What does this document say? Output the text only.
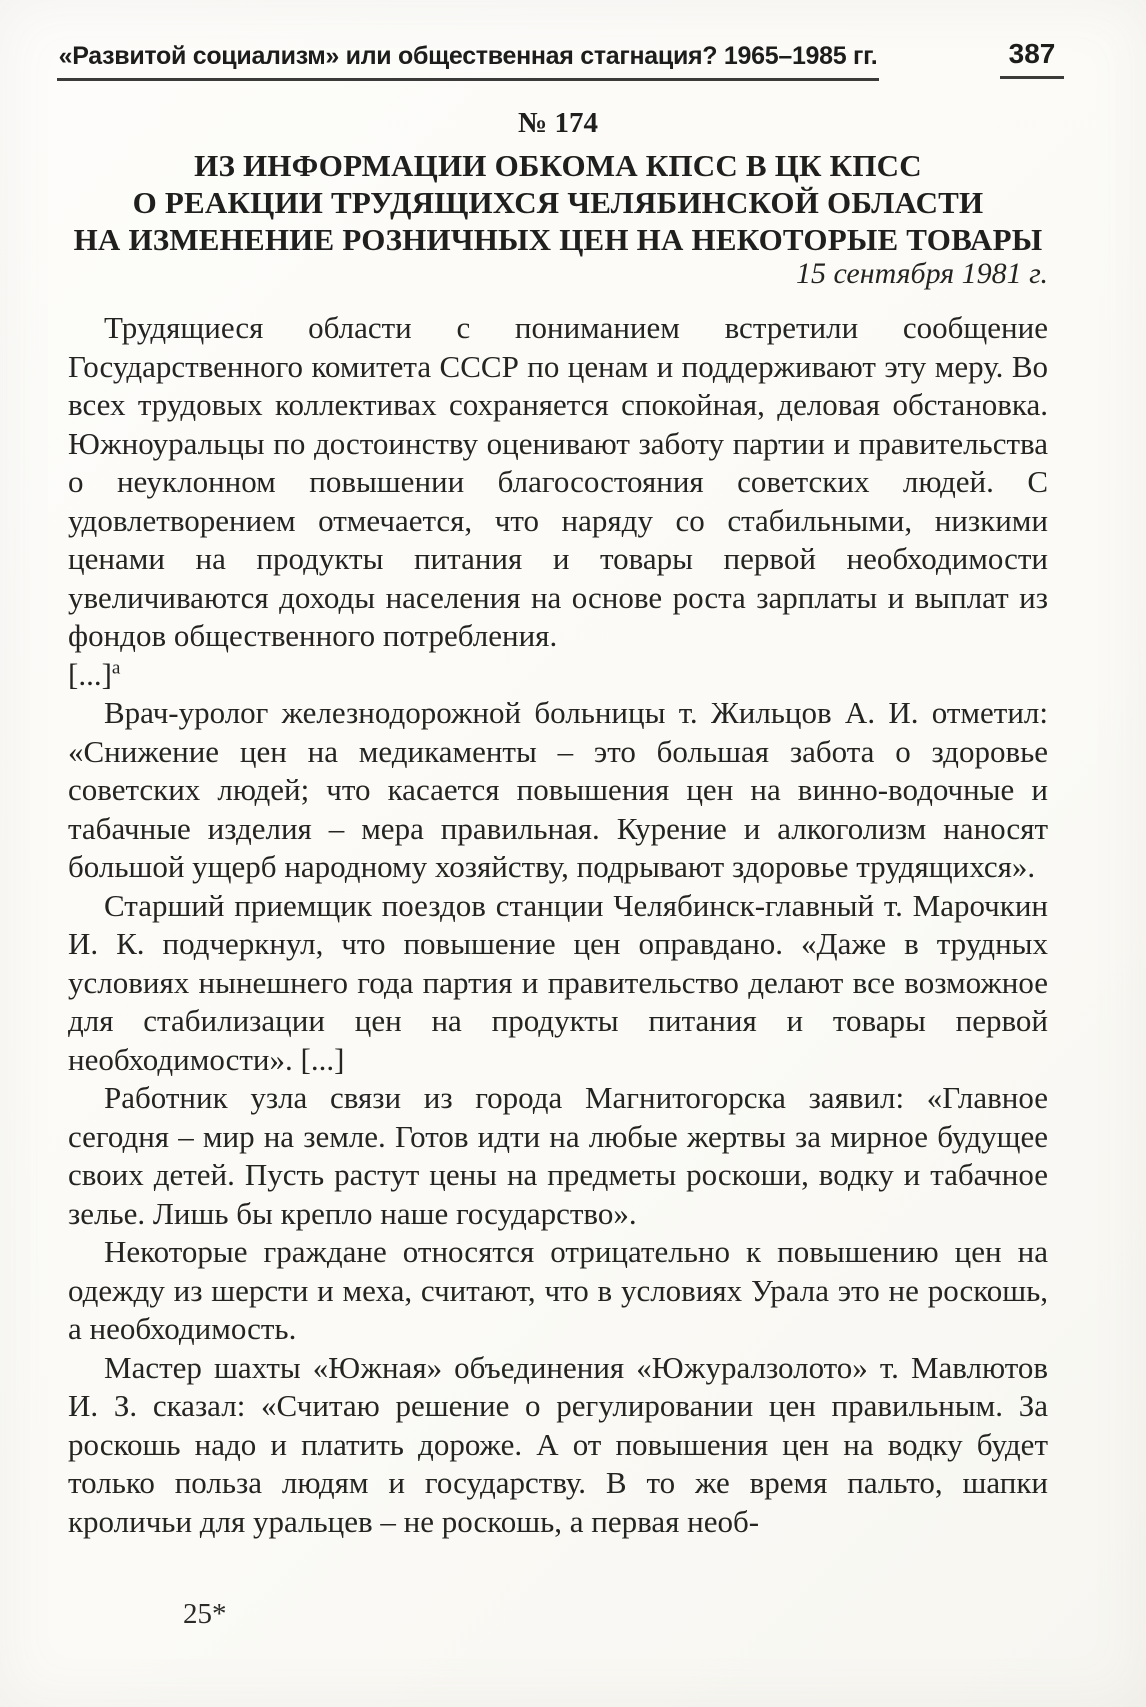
«Развитой социализм» или общественная стагнация? 1965–1985 гг.	387
№ 174
ИЗ ИНФОРМАЦИИ ОБКОМА КПСС В ЦК КПСС
О РЕАКЦИИ ТРУДЯЩИХСЯ ЧЕЛЯБИНСКОЙ ОБЛАСТИ
НА ИЗМЕНЕНИЕ РОЗНИЧНЫХ ЦЕН НА НЕКОТОРЫЕ ТОВАРЫ
15 сентября 1981 г.

Трудящиеся области с пониманием встретили сообщение Государственного комитета СССР по ценам и поддерживают эту меру. Во всех трудовых коллективах сохраняется спокойная, деловая обстановка. Южноуральцы по достоинству оценивают заботу партии и правительства о неуклонном повышении благосостояния советских людей. С удовлетворением отмечается, что наряду со стабильными, низкими ценами на продукты питания и товары первой необходимости увеличиваются доходы населения на основе роста зарплаты и выплат из фондов общественного потребления.

[...]$^а$

Врач-уролог железнодорожной больницы т. Жильцов А. И. отметил: «Снижение цен на медикаменты – это большая забота о здоровье советских людей; что касается повышения цен на винно-водочные и табачные изделия – мера правильная. Курение и алкоголизм наносят большой ущерб народному хозяйству, подрывают здоровье трудящихся».

Старший приемщик поездов станции Челябинск-главный т. Марочкин И. К. подчеркнул, что повышение цен оправдано. «Даже в трудных условиях нынешнего года партия и правительство делают все возможное для стабилизации цен на продукты питания и товары первой необходимости». [...]

Работник узла связи из города Магнитогорска заявил: «Главное сегодня – мир на земле. Готов идти на любые жертвы за мирное будущее своих детей. Пусть растут цены на предметы роскоши, водку и табачное зелье. Лишь бы крепло наше государство».

Некоторые граждане относятся отрицательно к повышению цен на одежду из шерсти и меха, считают, что в условиях Урала это не роскошь, а необходимость.

Мастер шахты «Южная» объединения «Южуралзолото» т. Мавлютов И. З. сказал: «Считаю решение о регулировании цен правильным. За роскошь надо и платить дороже. А от повышения цен на водку будет только польза людям и государству. В то же время пальто, шапки кроличьи для уральцев – не роскошь, а первая необ-

25*
